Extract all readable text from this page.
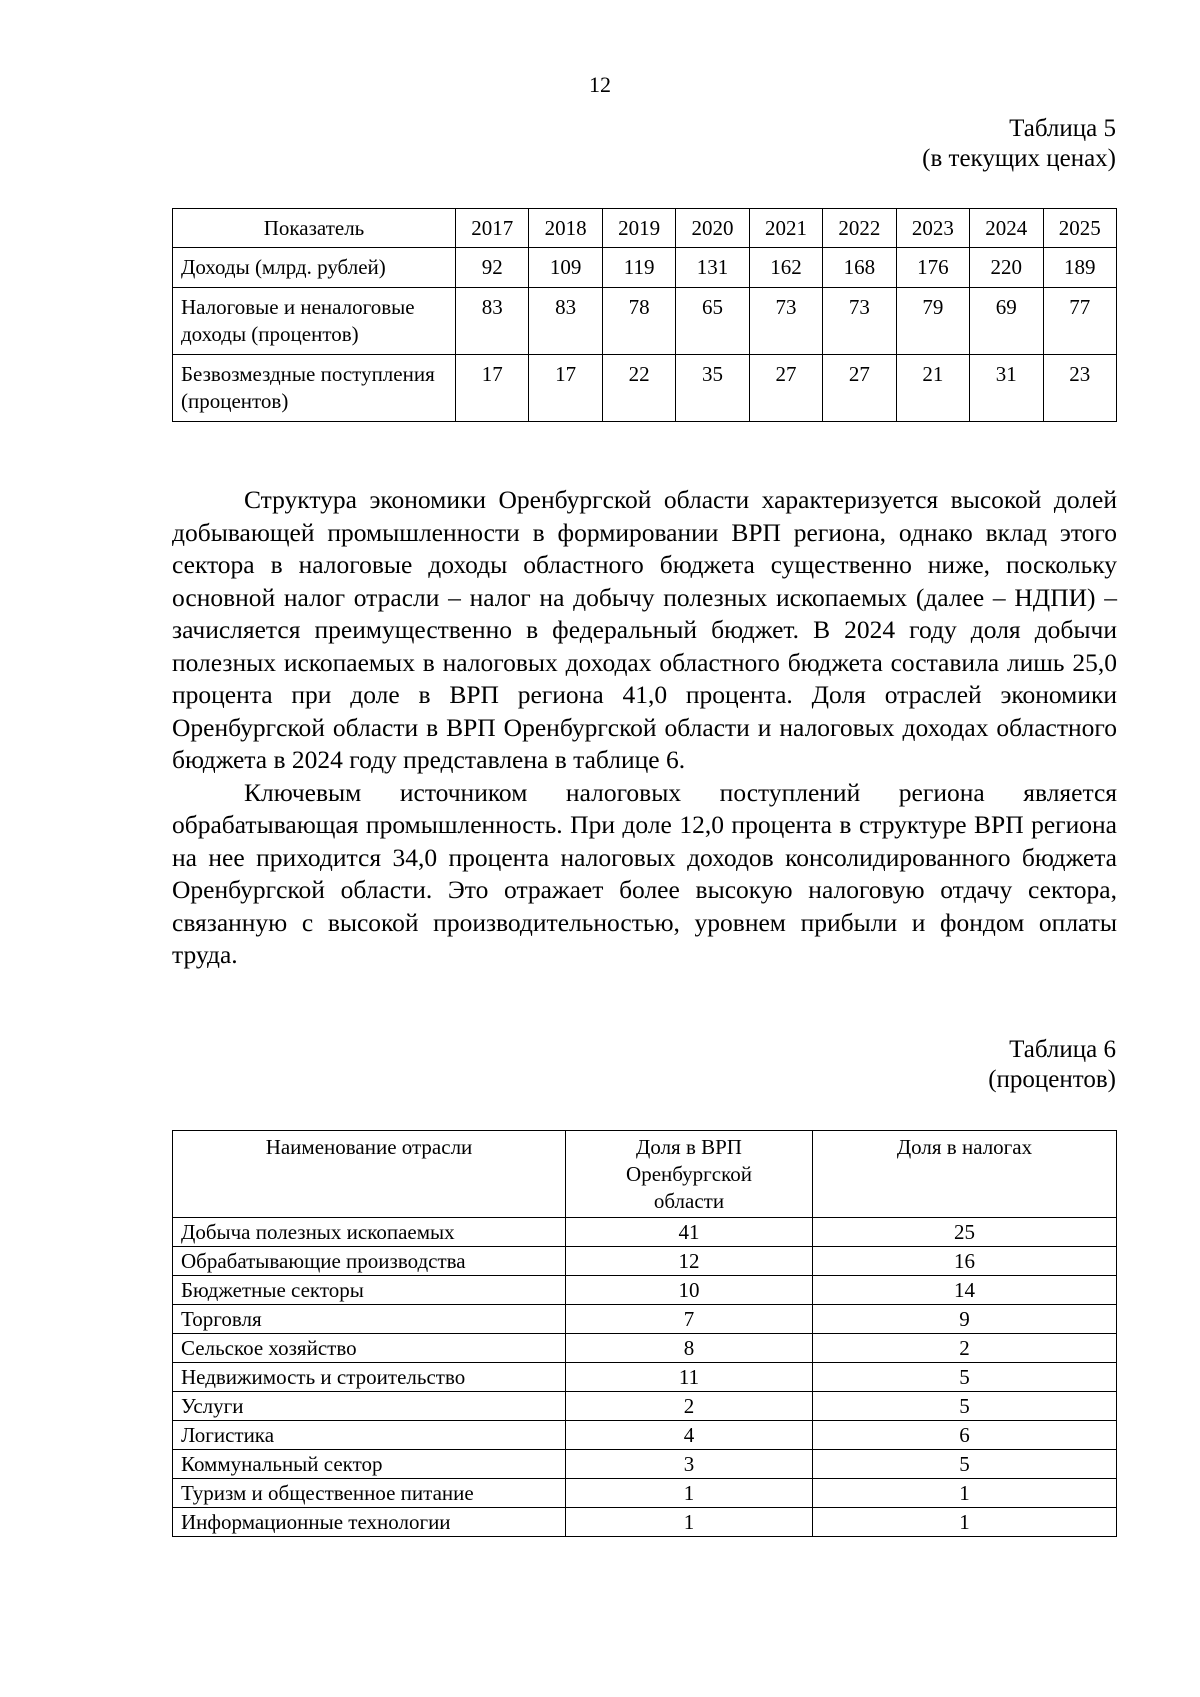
12
Таблица 5
(в текущих ценах)
Показатель	2017	2018	2019	2020	2021	2022	2023	2024	2025
Доходы (млрд. рублей)	92	109	119	131	162	168	176	220	189
Налоговые и неналоговые доходы (процентов)	83	83	78	65	73	73	79	69	77
Безвозмездные поступления (процентов)	17	17	22	35	27	27	21	31	23

Структура экономики Оренбургской области характеризуется высокой долей добывающей промышленности в формировании ВРП региона, однако вклад этого сектора в налоговые доходы областного бюджета существенно ниже, поскольку основной налог отрасли – налог на добычу полезных ископаемых (далее – НДПИ) – зачисляется преимущественно в федеральный бюджет. В 2024 году доля добычи полезных ископаемых в налоговых доходах областного бюджета составила лишь 25,0 процента при доле в ВРП региона 41,0 процента. Доля отраслей экономики Оренбургской области в ВРП Оренбургской области и налоговых доходах областного бюджета в 2024 году представлена в таблице 6.

Ключевым источником налоговых поступлений региона является обрабатывающая промышленность. При доле 12,0 процента в структуре ВРП региона на нее приходится 34,0 процента налоговых доходов консолидированного бюджета Оренбургской области. Это отражает более высокую налоговую отдачу сектора, связанную с высокой производительностью, уровнем прибыли и фондом оплаты труда.

Таблица 6
(процентов)
Наименование отрасли	Доля в ВРП Оренбургской области	Доля в налогах
Добыча полезных ископаемых	41	25
Обрабатывающие производства	12	16
Бюджетные секторы	10	14
Торговля	7	9
Сельское хозяйство	8	2
Недвижимость и строительство	11	5
Услуги	2	5
Логистика	4	6
Коммунальный сектор	3	5
Туризм и общественное питание	1	1
Информационные технологии	1	1
